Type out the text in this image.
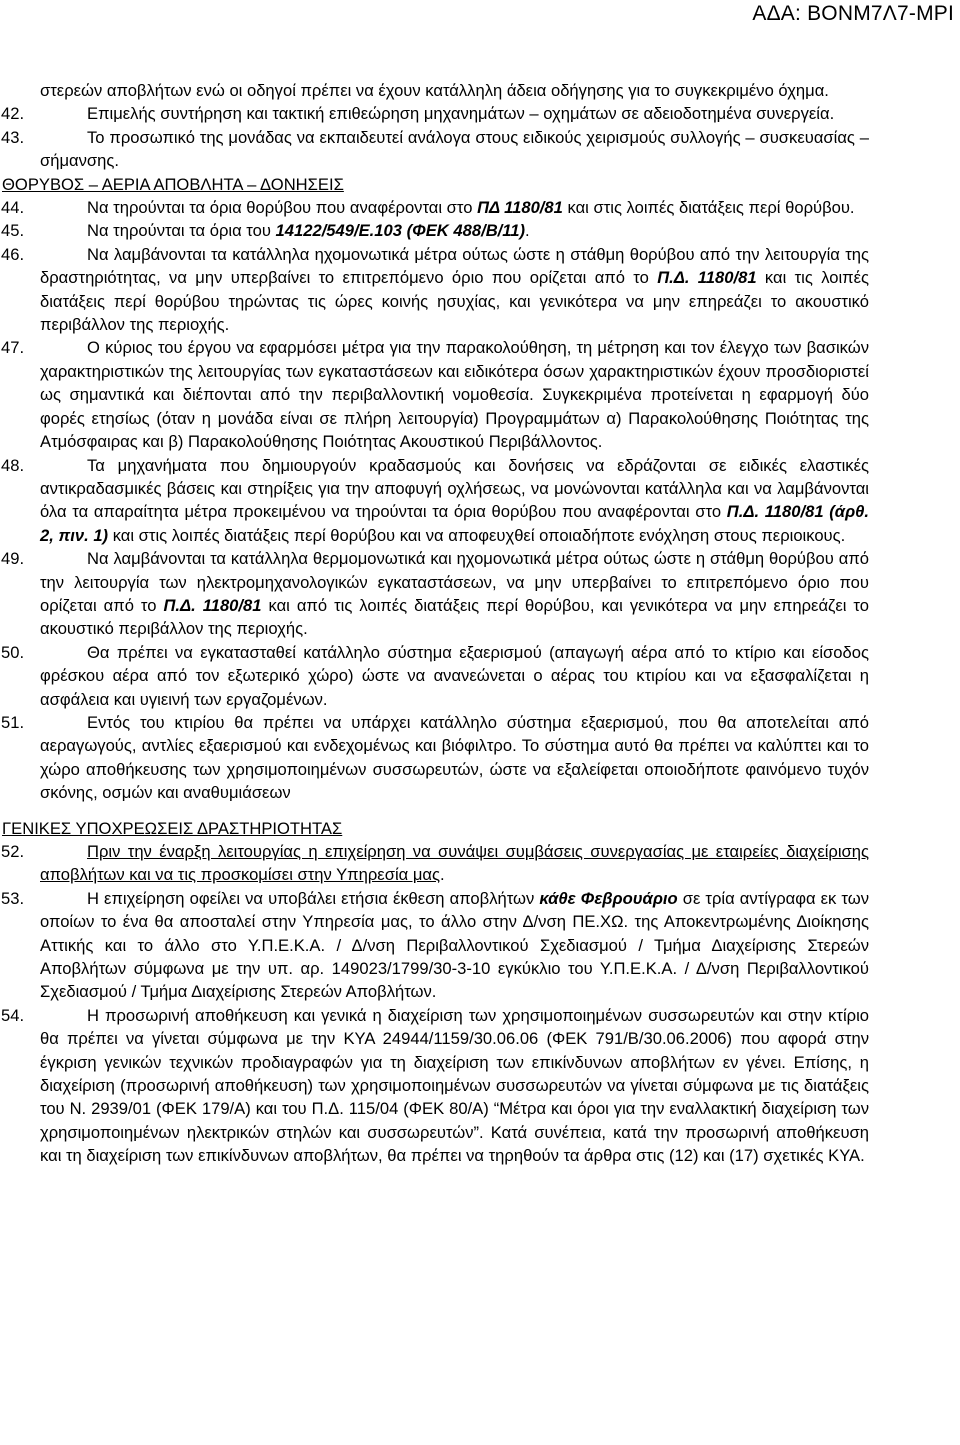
ΑΔΑ: ΒΟΝΜ7Λ7-ΜΡΙ
στερεών αποβλήτων ενώ οι οδηγοί πρέπει να έχουν κατάλληλη άδεια οδήγησης για το συγκεκριμένο όχημα.
42.	Επιμελής συντήρηση και τακτική επιθεώρηση μηχανημάτων – οχημάτων σε αδειοδοτημένα συνεργεία.
43.	Το προσωπικό της μονάδας να εκπαιδευτεί ανάλογα στους ειδικούς χειρισμούς συλλογής – συσκευασίας – σήμανσης.
ΘΟΡΥΒΟΣ – ΑΕΡΙΑ ΑΠΟΒΛΗΤΑ – ΔΟΝΗΣΕΙΣ
44.	Να τηρούνται τα όρια θορύβου που αναφέρονται στο ΠΔ 1180/81 και στις λοιπές διατάξεις περί θορύβου.
45.	Να τηρούνται τα όρια του 14122/549/Ε.103 (ΦΕΚ 488/Β/11).
46.	Να λαμβάνονται τα κατάλληλα ηχομονωτικά μέτρα ούτως ώστε η στάθμη θορύβου από την λειτουργία της δραστηριότητας, να μην υπερβαίνει το επιτρεπόμενο όριο που ορίζεται από το Π.Δ. 1180/81 και τις λοιπές διατάξεις περί θορύβου τηρώντας τις ώρες κοινής ησυχίας, και γενικότερα να μην επηρεάζει το ακουστικό περιβάλλον της περιοχής.
47.	Ο κύριος του έργου να εφαρμόσει μέτρα για την παρακολούθηση, τη μέτρηση και τον έλεγχο των βασικών χαρακτηριστικών της λειτουργίας των εγκαταστάσεων και ειδικότερα όσων χαρακτηριστικών έχουν προσδιοριστεί ως σημαντικά και διέπονται από την περιβαλλοντική νομοθεσία. Συγκεκριμένα προτείνεται η εφαρμογή δύο φορές ετησίως (όταν η μονάδα είναι σε πλήρη λειτουργία) Προγραμμάτων α) Παρακολούθησης Ποιότητας της Ατμόσφαιρας και β) Παρακολούθησης Ποιότητας Ακουστικού Περιβάλλοντος.
48.	Τα μηχανήματα που δημιουργούν κραδασμούς και δονήσεις να εδράζονται σε ειδικές ελαστικές αντικραδασμικές βάσεις και στηρίξεις για την αποφυγή οχλήσεως, να μονώνονται κατάλληλα και να λαμβάνονται όλα τα απαραίτητα μέτρα προκειμένου να τηρούνται τα όρια θορύβου που αναφέρονται στο Π.Δ. 1180/81 (άρθ. 2, πιν. 1) και στις λοιπές διατάξεις περί θορύβου και να αποφευχθεί οποιαδήποτε ενόχληση στους περιοικους.
49.	Να λαμβάνονται τα κατάλληλα θερμομονωτικά και ηχομονωτικά μέτρα ούτως ώστε η στάθμη θορύβου από την λειτουργία των ηλεκτρομηχανολογικών εγκαταστάσεων, να μην υπερβαίνει το επιτρεπόμενο όριο που ορίζεται από το Π.Δ. 1180/81 και από τις λοιπές διατάξεις περί θορύβου, και γενικότερα να μην επηρεάζει το ακουστικό περιβάλλον της περιοχής.
50.	Θα πρέπει να εγκατασταθεί κατάλληλο σύστημα εξαερισμού (απαγωγή αέρα από το κτίριο και είσοδος φρέσκου αέρα από τον εξωτερικό χώρο) ώστε να ανανεώνεται ο αέρας του κτιρίου και να εξασφαλίζεται η ασφάλεια και υγιεινή των εργαζομένων.
51.	Εντός του κτιρίου θα πρέπει να υπάρχει κατάλληλο σύστημα εξαερισμού, που θα αποτελείται από αεραγωγούς, αντλίες εξαερισμού και ενδεχομένως και βιόφιλτρο. Το σύστημα αυτό θα πρέπει να καλύπτει και το χώρο αποθήκευσης των χρησιμοποιημένων συσσωρευτών, ώστε να εξαλείφεται οποιοδήποτε φαινόμενο τυχόν σκόνης, οσμών και αναθυμιάσεων
ΓΕΝΙΚΕΣ ΥΠΟΧΡΕΩΣΕΙΣ ΔΡΑΣΤΗΡΙΟΤΗΤΑΣ
52.	Πριν την έναρξη λειτουργίας η επιχείρηση να συνάψει συμβάσεις συνεργασίας με εταιρείες διαχείρισης αποβλήτων και να τις προσκομίσει στην Υπηρεσία μας.
53.	Η επιχείρηση οφείλει να υποβάλει ετήσια έκθεση αποβλήτων κάθε Φεβρουάριο σε τρία αντίγραφα εκ των οποίων το ένα θα αποσταλεί στην Υπηρεσία μας, το άλλο στην Δ/νση ΠΕ.ΧΩ. της Αποκεντρωμένης Διοίκησης Αττικής και το άλλο στο Υ.Π.Ε.Κ.Α. / Δ/νση Περιβαλλοντικού Σχεδιασμού / Τμήμα Διαχείρισης Στερεών Αποβλήτων σύμφωνα με την υπ. αρ. 149023/1799/30-3-10 εγκύκλιο του Υ.Π.Ε.Κ.Α. / Δ/νση Περιβαλλοντικού Σχεδιασμού / Τμήμα Διαχείρισης Στερεών Αποβλήτων.
54.	Η προσωρινή αποθήκευση και γενικά η διαχείριση των χρησιμοποιημένων συσσωρευτών και στην κτίριο θα πρέπει να γίνεται σύμφωνα με την ΚΥΑ 24944/1159/30.06.06 (ΦΕΚ 791/Β/30.06.2006) που αφορά στην έγκριση γενικών τεχνικών προδιαγραφών για τη διαχείριση των επικίνδυνων αποβλήτων εν γένει. Επίσης, η διαχείριση (προσωρινή αποθήκευση) των χρησιμοποιημένων συσσωρευτών να γίνεται σύμφωνα με τις διατάξεις του Ν. 2939/01 (ΦΕΚ 179/Α) και του Π.Δ. 115/04 (ΦΕΚ 80/Α) “Μέτρα και όροι για την εναλλακτική διαχείριση των χρησιμοποιημένων ηλεκτρικών στηλών και συσσωρευτών”. Κατά συνέπεια, κατά την προσωρινή αποθήκευση και τη διαχείριση των επικίνδυνων αποβλήτων, θα πρέπει να τηρηθούν τα άρθρα στις (12) και (17) σχετικές ΚΥΑ.
